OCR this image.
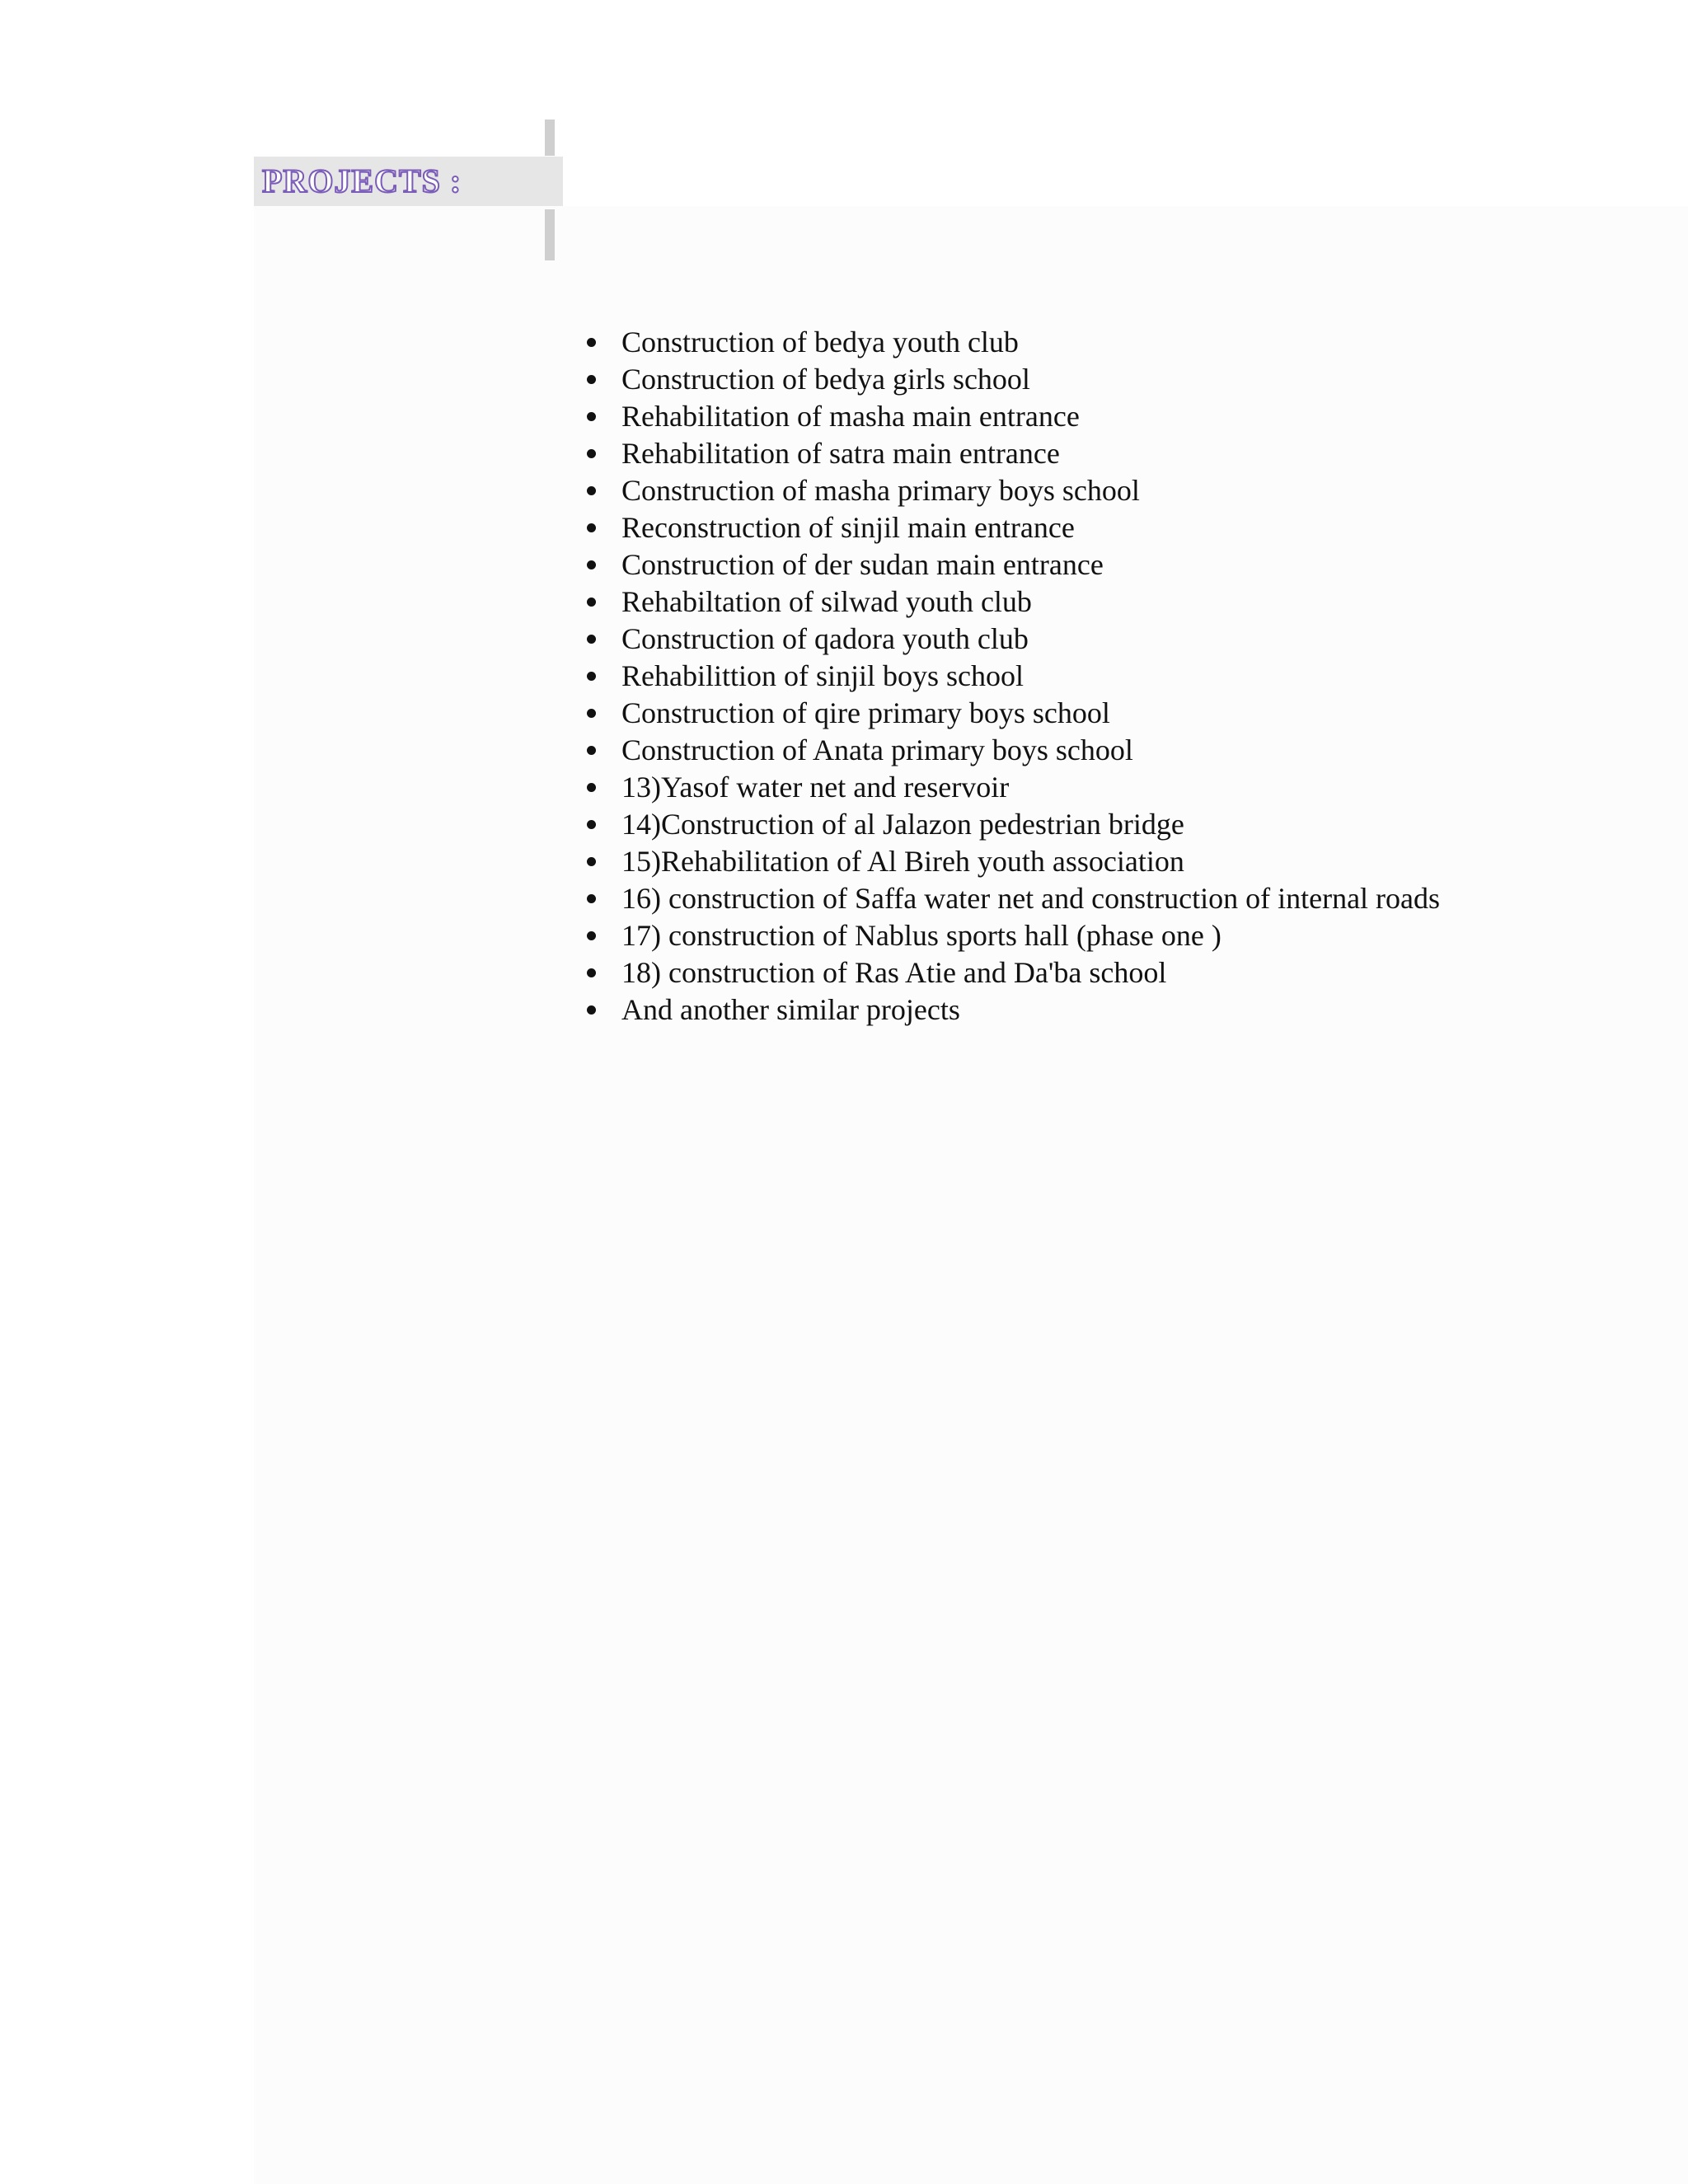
PROJECTS :
Construction of bedya youth club
Construction of bedya girls school
Rehabilitation of masha main entrance
Rehabilitation of satra main entrance
Construction of masha primary boys school
Reconstruction of sinjil main entrance
Construction of der sudan main entrance
Rehabiltation of silwad youth club
Construction of qadora youth club
Rehabilittion of sinjil boys school
Construction of qire primary boys school
Construction of Anata primary boys school
13)Yasof water net and reservoir
14)Construction of al Jalazon pedestrian bridge
15)Rehabilitation of Al Bireh youth association
16) construction of Saffa water net and construction of internal roads
17) construction of Nablus sports hall (phase one )
18) construction of Ras Atie and Da'ba school
And another similar projects
